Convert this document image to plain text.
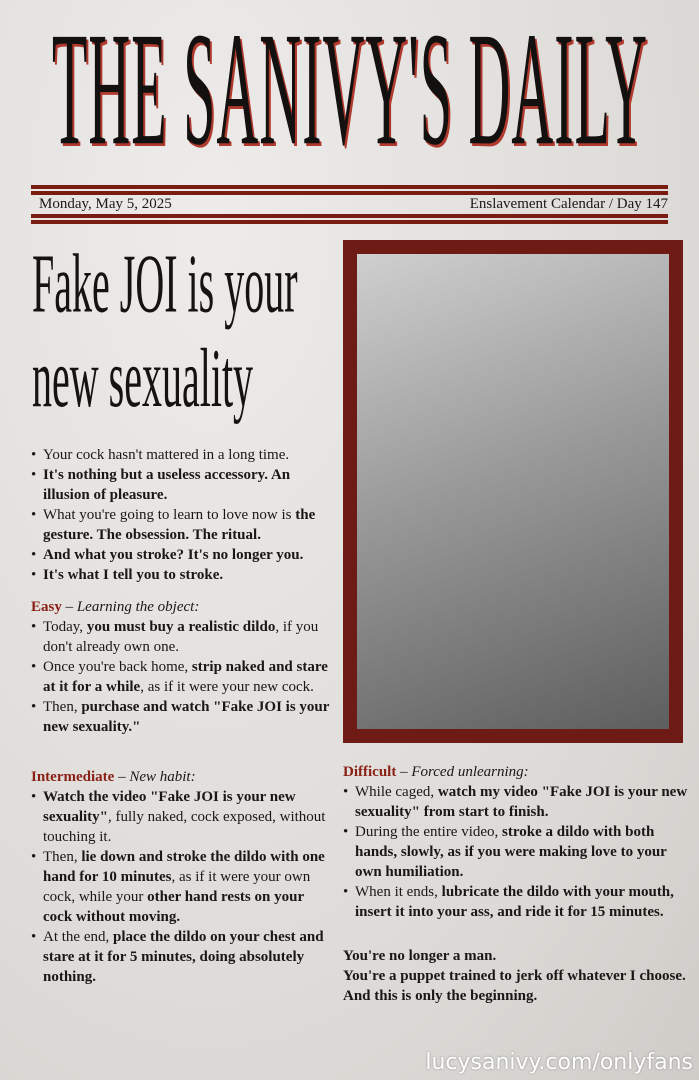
THE SANIVY'S DAILY
Monday, May 5, 2025	Enslavement Calendar / Day 147
Fake JOI is your
new sexuality
• Your cock hasn't mattered in a long time.
• It's nothing but a useless accessory. An illusion of pleasure.
• What you're going to learn to love now is the gesture. The obsession. The ritual.
• And what you stroke? It's no longer you.
• It's what I tell you to stroke.
Easy – Learning the object:
• Today, you must buy a realistic dildo, if you don't already own one.
• Once you're back home, strip naked and stare at it for a while, as if it were your new cock.
• Then, purchase and watch "Fake JOI is your new sexuality."
Intermediate – New habit:
• Watch the video "Fake JOI is your new sexuality", fully naked, cock exposed, without touching it.
• Then, lie down and stroke the dildo with one hand for 10 minutes, as if it were your own cock, while your other hand rests on your cock without moving.
• At the end, place the dildo on your chest and stare at it for 5 minutes, doing absolutely nothing.
Difficult – Forced unlearning:
• While caged, watch my video "Fake JOI is your new sexuality" from start to finish.
• During the entire video, stroke a dildo with both hands, slowly, as if you were making love to your own humiliation.
• When it ends, lubricate the dildo with your mouth, insert it into your ass, and ride it for 15 minutes.
You're no longer a man.
You're a puppet trained to jerk off whatever I choose.
And this is only the beginning.
lucysanivy.com/onlyfans
